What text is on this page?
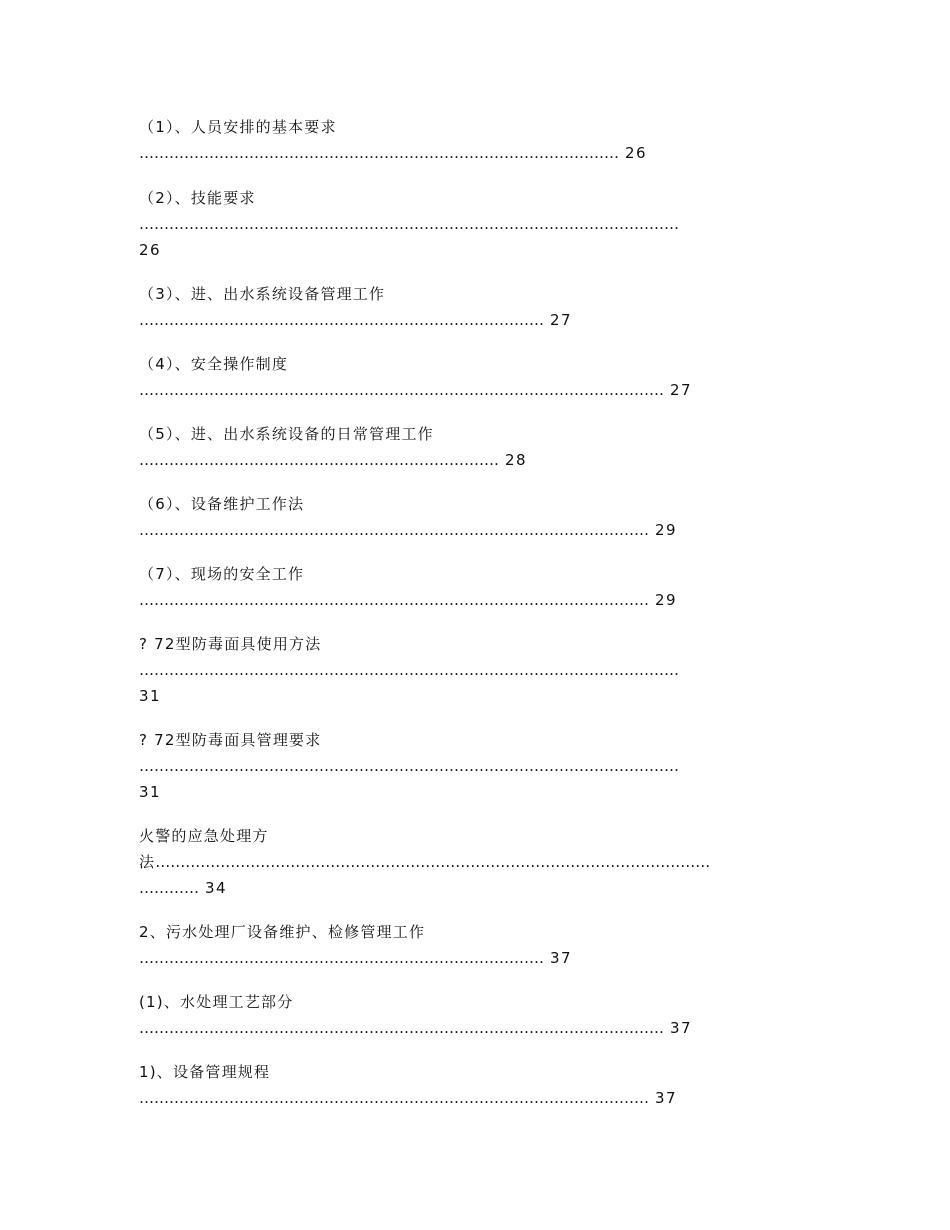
（1）、人员安排的基本要求
…………………………………………………………………………………… 26
（2）、技能要求
………………………………………………………………………………………………
26
（3）、进、出水系统设备管理工作
……………………………………………………………………… 27
（4）、安全操作制度
…………………………………………………………………………………………… 27
（5）、进、出水系统设备的日常管理工作
……………………………………………………………… 28
（6）、设备维护工作法
………………………………………………………………………………………… 29
（7）、现场的安全工作
………………………………………………………………………………………… 29
? 72型防毒面具使用方法
………………………………………………………………………………………………
31
? 72型防毒面具管理要求
………………………………………………………………………………………………
31
火警的应急处理方
法…………………………………………………………………………………………………
………… 34
2、污水处理厂设备维护、检修管理工作
……………………………………………………………………… 37
(1)、水处理工艺部分
…………………………………………………………………………………………… 37
1)、设备管理规程
………………………………………………………………………………………… 37
